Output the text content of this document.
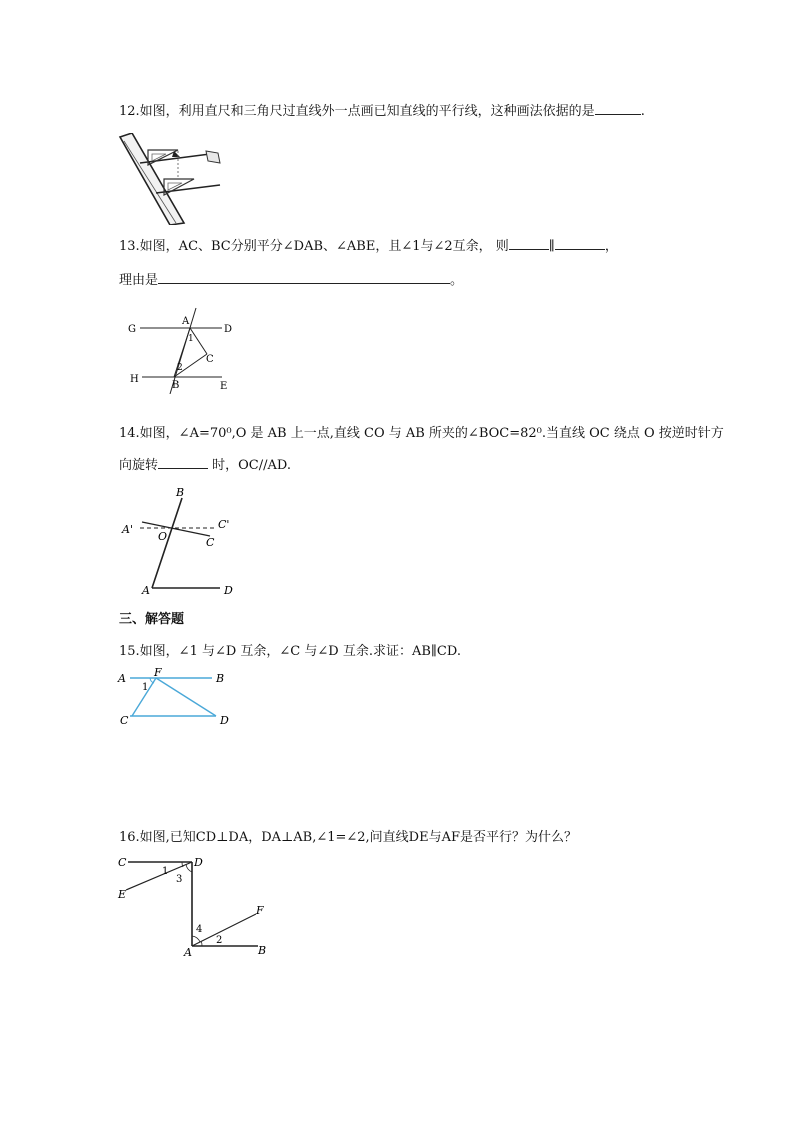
12.如图，利用直尺和三角尺过直线外一点画已知直线的平行线，这种画法依据的是	.
13.如图，AC、BC分别平分∠DAB、∠ABE，且∠1与∠2互余， 则	∥	，
理由是	。
G
A
D
1
C
2
H
B	E
14.如图，∠A=70⁰,O 是 AB 上一点,直线 CO 与 AB 所夹的∠BOC=82⁰.当直线 OC 绕点 O 按逆时针方
向旋转	时，OC//AD.
B
A'	C'
O	C
A	D
三、解答题
15.如图，∠1 与∠D 互余，∠C 与∠D 互余.求证：AB∥CD.
A	F	B
1
C	D
16.如图,已知CD⊥DA，DA⊥AB,∠1=∠2,问直线DE与AF是否平行？为什么？
C	D
1
3
E
F
4
A
2
B
